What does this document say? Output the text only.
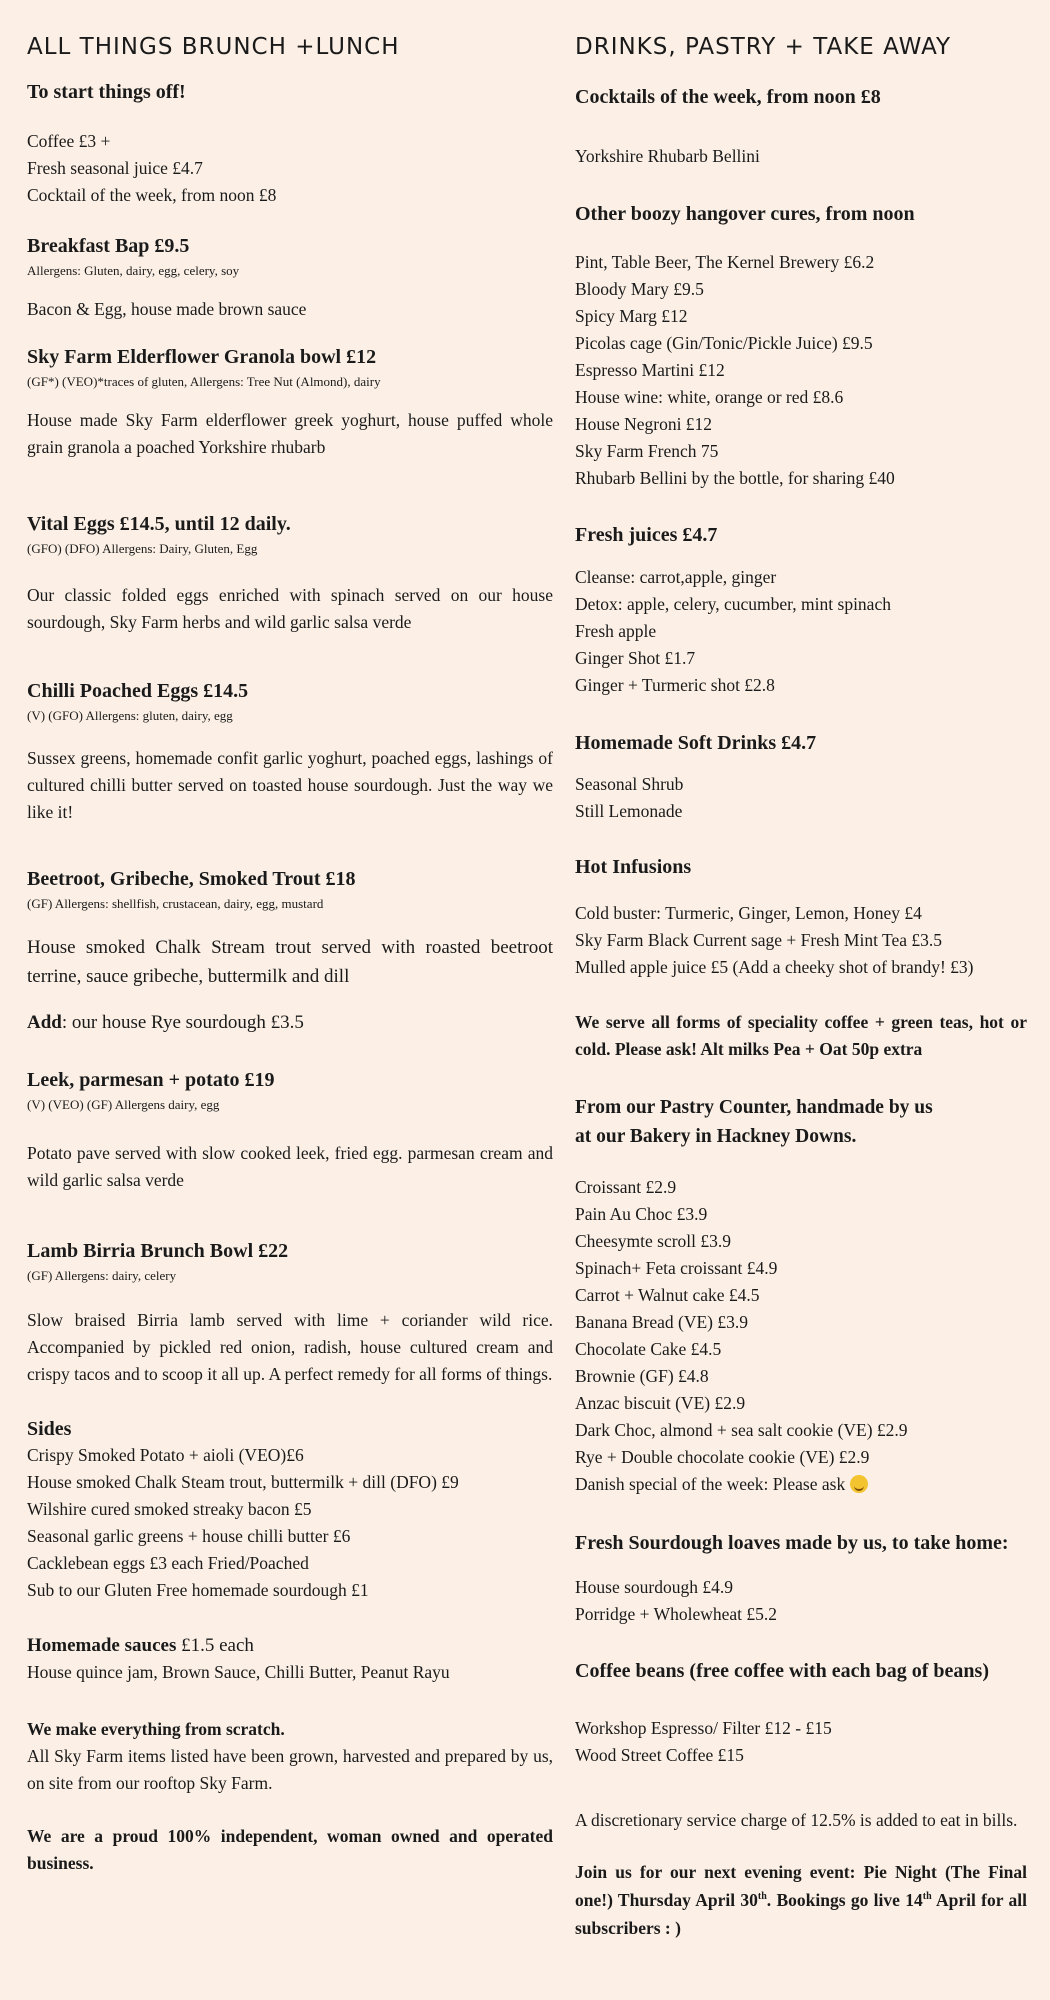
ALL THINGS BRUNCH +LUNCH

To start things off!

Coffee £3 +

Fresh seasonal juice £4.7

Cocktail of the week, from noon £8

Breakfast Bap £9.5

Allergens: Gluten, dairy, egg, celery, soy

Bacon & Egg, house made brown sauce

Sky Farm Elderflower Granola bowl £12

(GF*) (VEO)*traces of gluten, Allergens: Tree Nut (Almond), dairy

House made Sky Farm elderflower greek yoghurt, house puffed whole grain granola a poached Yorkshire rhubarb

Vital Eggs £14.5, until 12 daily.

(GFO) (DFO) Allergens: Dairy, Gluten, Egg

Our classic folded eggs enriched with spinach served on our house sourdough, Sky Farm herbs and wild garlic salsa verde

Chilli Poached Eggs £14.5

(V) (GFO) Allergens: gluten, dairy, egg

Sussex greens, homemade confit garlic yoghurt, poached eggs, lashings of cultured chilli butter served on toasted house sourdough. Just the way we like it!

Beetroot, Gribeche, Smoked Trout £18

(GF) Allergens: shellfish, crustacean, dairy, egg, mustard

House smoked Chalk Stream trout served with roasted beetroot terrine, sauce gribeche, buttermilk and dill

Add: our house Rye sourdough £3.5

Leek, parmesan + potato £19

(V) (VEO) (GF) Allergens dairy, egg

Potato pave served with slow cooked leek, fried egg. parmesan cream and wild garlic salsa verde

Lamb Birria Brunch Bowl £22

(GF) Allergens: dairy, celery

Slow braised Birria lamb served with lime + coriander wild rice. Accompanied by pickled red onion, radish, house cultured cream and crispy tacos and to scoop it all up. A perfect remedy for all forms of things.

Sides

Crispy Smoked Potato + aioli (VEO)£6

House smoked Chalk Steam trout, buttermilk + dill (DFO) £9

Wilshire cured smoked streaky bacon £5

Seasonal garlic greens + house chilli butter £6

Cacklebean eggs £3 each Fried/Poached

Sub to our Gluten Free homemade sourdough £1

Homemade sauces £1.5 each

House quince jam, Brown Sauce, Chilli Butter, Peanut Rayu

We make everything from scratch.

All Sky Farm items listed have been grown, harvested and prepared by us, on site from our rooftop Sky Farm.

We are a proud 100% independent, woman owned and operated business.

DRINKS, PASTRY + TAKE AWAY

Cocktails of the week, from noon £8

Yorkshire Rhubarb Bellini

Other boozy hangover cures, from noon

Pint, Table Beer, The Kernel Brewery £6.2

Bloody Mary £9.5

Spicy Marg £12

Picolas cage (Gin/Tonic/Pickle Juice) £9.5

Espresso Martini £12

House wine: white, orange or red £8.6

House Negroni £12

Sky Farm French 75

Rhubarb Bellini by the bottle, for sharing £40

Fresh juices £4.7

Cleanse: carrot,apple, ginger

Detox: apple, celery, cucumber, mint spinach

Fresh apple

Ginger Shot £1.7

Ginger + Turmeric shot £2.8

Homemade Soft Drinks £4.7

Seasonal Shrub

Still Lemonade

Hot Infusions

Cold buster: Turmeric, Ginger, Lemon, Honey £4

Sky Farm Black Current sage + Fresh Mint Tea £3.5

Mulled apple juice £5 (Add a cheeky shot of brandy! £3)

We serve all forms of speciality coffee + green teas, hot or cold. Please ask! Alt milks Pea + Oat 50p extra

From our Pastry Counter, handmade by us

at our Bakery in Hackney Downs.

Croissant £2.9

Pain Au Choc £3.9

Cheesymte scroll £3.9

Spinach+ Feta croissant £4.9

Carrot + Walnut cake £4.5

Banana Bread (VE) £3.9

Chocolate Cake £4.5

Brownie (GF) £4.8

Anzac biscuit (VE) £2.9

Dark Choc, almond + sea salt cookie (VE) £2.9

Rye + Double chocolate cookie (VE) £2.9

Danish special of the week: Please ask

Fresh Sourdough loaves made by us, to take home:

House sourdough £4.9

Porridge + Wholewheat £5.2

Coffee beans (free coffee with each bag of beans)

Workshop Espresso/ Filter £12 - £15

Wood Street Coffee £15

A discretionary service charge of 12.5% is added to eat in bills.

Join us for our next evening event: Pie Night (The Final one!) Thursday April 30th. Bookings go live 14th April for all subscribers : )
